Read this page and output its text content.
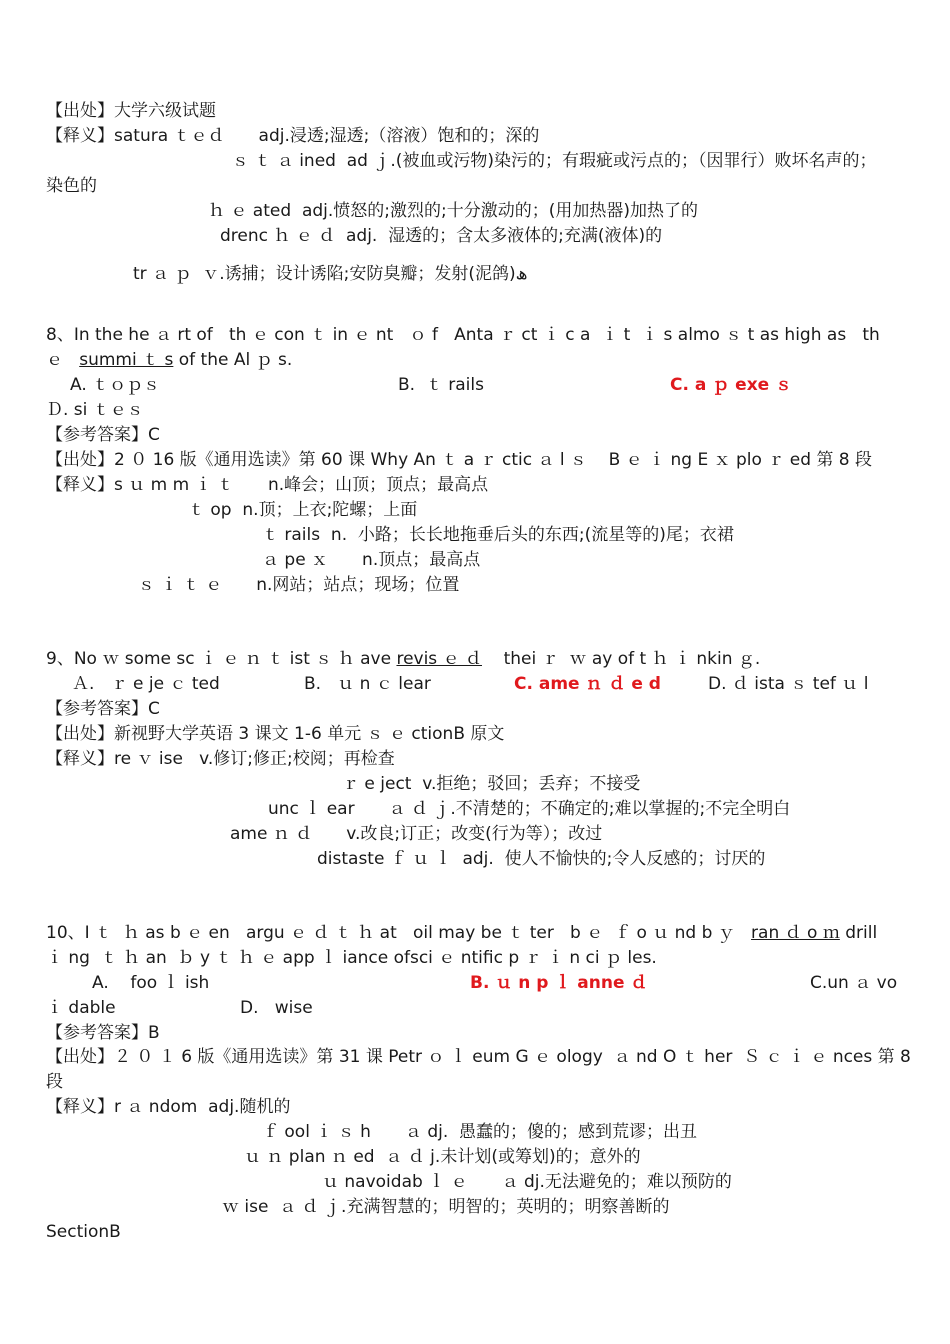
【出处】大学六级试题
【释义】satura ｔｅｄ　　adj.浸透;湿透;（溶液）饱和的；深的
ｓ ｔ ａ ined  ad ｊ.(被血或污物)染污的；有瑕疵或污点的；（因罪行）败坏名声的；
染色的
ｈ ｅ ated  adj.愤怒的;激烈的;十分激动的；(用加热器)加热了的
drenc ｈ ｅ ｄ  adj.  湿透的；含太多液体的;充满(液体)的
tr ａ ｐ  ｖ.诱捕；设计诱陷;安防臭瓣；发射(泥鸽)ھ
8、In the he ａ rt of   th ｅ con ｔ in ｅ nt   ｏ f   Anta ｒ ct ｉ c a  ｉ t  ｉ s almo ｓ t as high as   th
ｅ   summi ｔ s of the Al ｐ s.
A. ｔｏｐｓ	B.  ｔ rails	C. a ｐ exe ｓ
Ｄ. si ｔｅｓ
【参考答案】C
【出处】2 ０ 16 版《通用选读》第 60 课 Why An ｔ a ｒ ctic ａ l ｓ    B ｅ ｉ ng E ｘ plo ｒ ed 第 8 段
【释义】s ｕ m m ｉ ｔ　　n.峰会；山顶；顶点；最高点
ｔ op  n.顶；上衣;陀螺；上面
ｔ rails  n.  小路；长长地拖垂后头的东西;(流星等的)尾；衣裙
ａ pe ｘ　　n.顶点；最高点
ｓ ｉ ｔ ｅ　　n.网站；站点；现场；位置
9、No ｗ some sc ｉ ｅ ｎ ｔ ist ｓ ｈ ave revis ｅ ｄ    thei ｒ  ｗ ay of t ｈ ｉ nkin ｇ.
Ａ.   ｒ e je ｃ ted	B.   ｕ n ｃ lear	C. ame ｎ ｄ e d	D. ｄ ista ｓ tef ｕ l
【参考答案】C
【出处】新视野大学英语 3 课文 1-6 单元 ｓ ｅ ctionB 原文
【释义】re ｖ ise   v.修订;修正;校阅；再检查
ｒ e ject  v.拒绝；驳回；丢弃；不接受
unc ｌ ear　　ａ ｄ ｊ.不清楚的；不确定的;难以掌握的;不完全明白
ame ｎ ｄ　　v.改良;订正；改变(行为等）；改过
distaste ｆ ｕ ｌ  adj.  使人不愉快的;令人反感的；讨厌的
10、I ｔ  ｈ as b ｅ en   argu ｅ ｄ ｔ ｈ at   oil may be ｔ ter   b ｅ  ｆ o ｕ nd b ｙ   ran ｄ o ｍ drill
ｉ ng  ｔ ｈ an  ｂ y ｔ ｈ ｅ app ｌ iance ofsci ｅ ntific p ｒ ｉ n ci ｐ les.
A.    foo ｌ ish	B. ｕ n p ｌ anne ｄ	C.un ａ vo
ｉ dable	D.   wise
【参考答案】B
【出处】２ ０ １ 6 版《通用选读》第 31 课 Petr ｏ ｌ eum G ｅ ology  ａ nd O ｔ her  Ｓ ｃ ｉ ｅ nces 第 8
段
【释义】r ａ ndom  adj.随机的
ｆ ool ｉ ｓ h　　ａ dj.  愚蠢的；傻的；感到荒谬；出丑
ｕ ｎ plan ｎ ed  ａ ｄ j.未计划(或筹划)的；意外的
ｕ navoidab ｌ ｅ　　ａ dj.无法避免的；难以预防的
ｗ ise  ａ ｄ ｊ.充满智慧的；明智的；英明的；明察善断的
SectionB
